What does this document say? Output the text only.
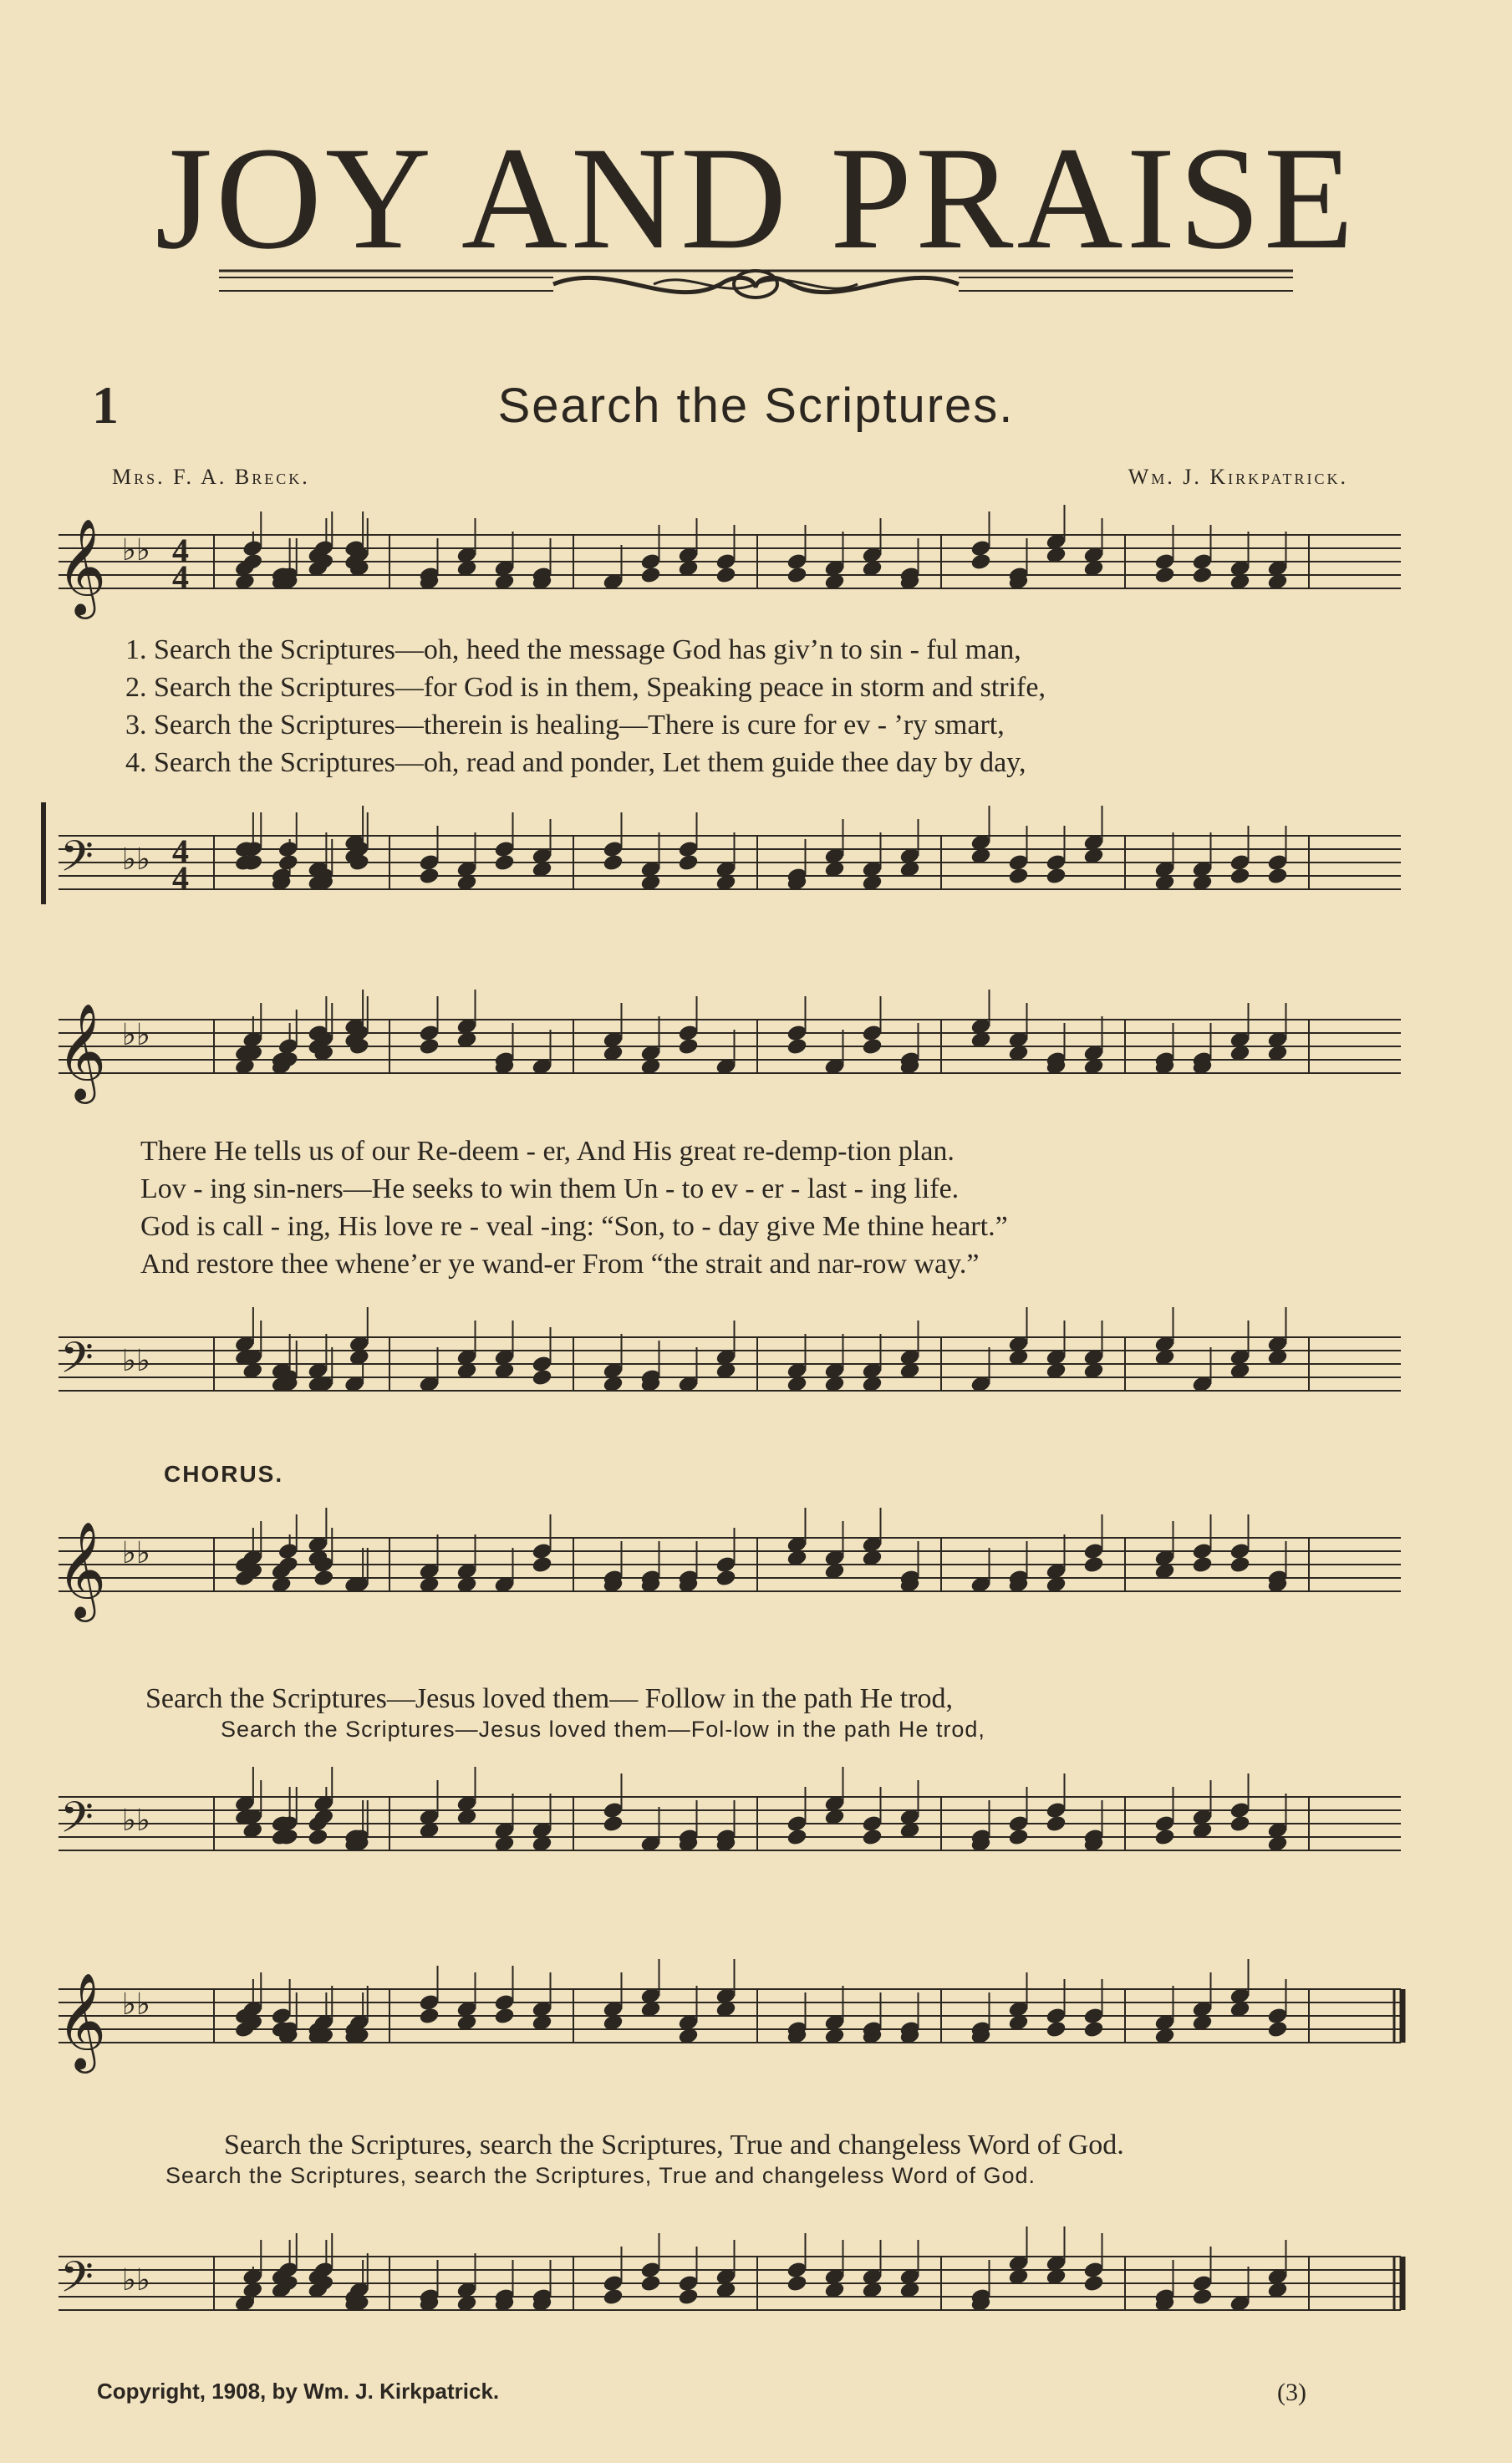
JOY AND PRAISE
1	Search the Scriptures.
Mrs. F. A. Breck.	Wm. J. Kirkpatrick.
𝄞 ♭♭ 4
4
1. Search the Scriptures—oh, heed the message God has giv’n to sin - ful man,
2. Search the Scriptures—for God is in them, Speaking peace in storm and strife,
3. Search the Scriptures—therein is healing—There is cure for ev - ’ry smart,
4. Search the Scriptures—oh, read and ponder, Let them guide thee day by day,
𝄢 ♭♭ 4
4
𝄞 ♭♭
There He tells us of our Re-deem - er, And His great re-demp-tion plan.
Lov - ing sin-ners—He seeks to win them Un - to ev - er - last - ing life.
God is call - ing, His love re - veal -ing: “Son, to - day give Me thine heart.”
And restore thee whene’er ye wand-er From “the strait and nar-row way.”
𝄢 ♭♭
CHORUS.
𝄞 ♭♭
Search the Scriptures—Jesus loved them— Follow in the path He trod,
Search the Scriptures—Jesus loved them—Fol-low in the path He trod,
𝄢 ♭♭
𝄞 ♭♭
Search the Scriptures, search the Scriptures, True and changeless Word of God.
Search the Scriptures, search the Scriptures, True and changeless Word of God.
𝄢 ♭♭
Copyright, 1908, by Wm. J. Kirkpatrick.	(3)
